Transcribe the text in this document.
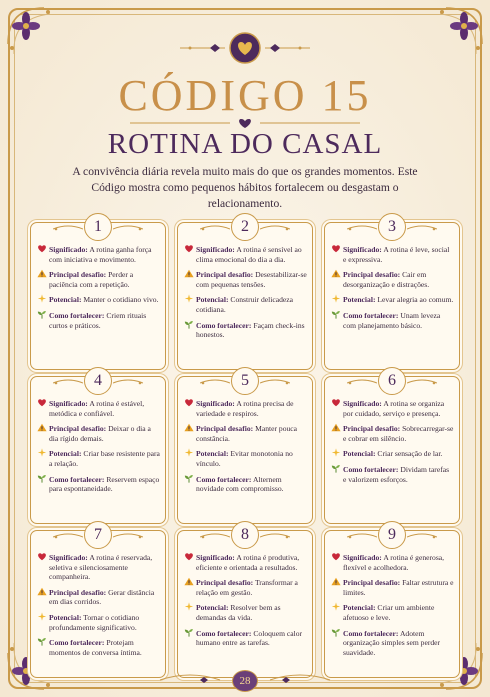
CÓDIGO 15
ROTINA DO CASAL
A convivência diária revela muito mais do que os grandes momentos. Este Código mostra como pequenos hábitos fortalecem ou desgastam o relacionamento.
1
Significado: A rotina ganha força com iniciativa e movimento.
Principal desafio: Perder a paciência com a repetição.
Potencial: Manter o cotidiano vivo.
Como fortalecer: Criem rituais curtos e práticos.
2
Significado: A rotina é sensível ao clima emocional do dia a dia.
Principal desafio: Desestabilizar-se com pequenas tensões.
Potencial: Construir delicadeza cotidiana.
Como fortalecer: Façam check-ins honestos.
3
Significado: A rotina é leve, social e expressiva.
Principal desafio: Cair em desorganização e distrações.
Potencial: Levar alegria ao comum.
Como fortalecer: Unam leveza com planejamento básico.
4
Significado: A rotina é estável, metódica e confiável.
Principal desafio: Deixar o dia a dia rígido demais.
Potencial: Criar base resistente para a relação.
Como fortalecer: Reservem espaço para espontaneidade.
5
Significado: A rotina precisa de variedade e respiros.
Principal desafio: Manter pouca constância.
Potencial: Evitar monotonia no vínculo.
Como fortalecer: Alternem novidade com compromisso.
6
Significado: A rotina se organiza por cuidado, serviço e presença.
Principal desafio: Sobrecarregar-se e cobrar em silêncio.
Potencial: Criar sensação de lar.
Como fortalecer: Dividam tarefas e valorizem esforços.
7
Significado: A rotina é reservada, seletiva e silenciosamente companheira.
Principal desafio: Gerar distância em dias corridos.
Potencial: Tornar o cotidiano profundamente significativo.
Como fortalecer: Protejam momentos de conversa íntima.
8
Significado: A rotina é produtiva, eficiente e orientada a resultados.
Principal desafio: Transformar a relação em gestão.
Potencial: Resolver bem as demandas da vida.
Como fortalecer: Coloquem calor humano entre as tarefas.
9
Significado: A rotina é generosa, flexível e acolhedora.
Principal desafio: Faltar estrutura e limites.
Potencial: Criar um ambiente afetuoso e leve.
Como fortalecer: Adotem organização simples sem perder suavidade.
28
